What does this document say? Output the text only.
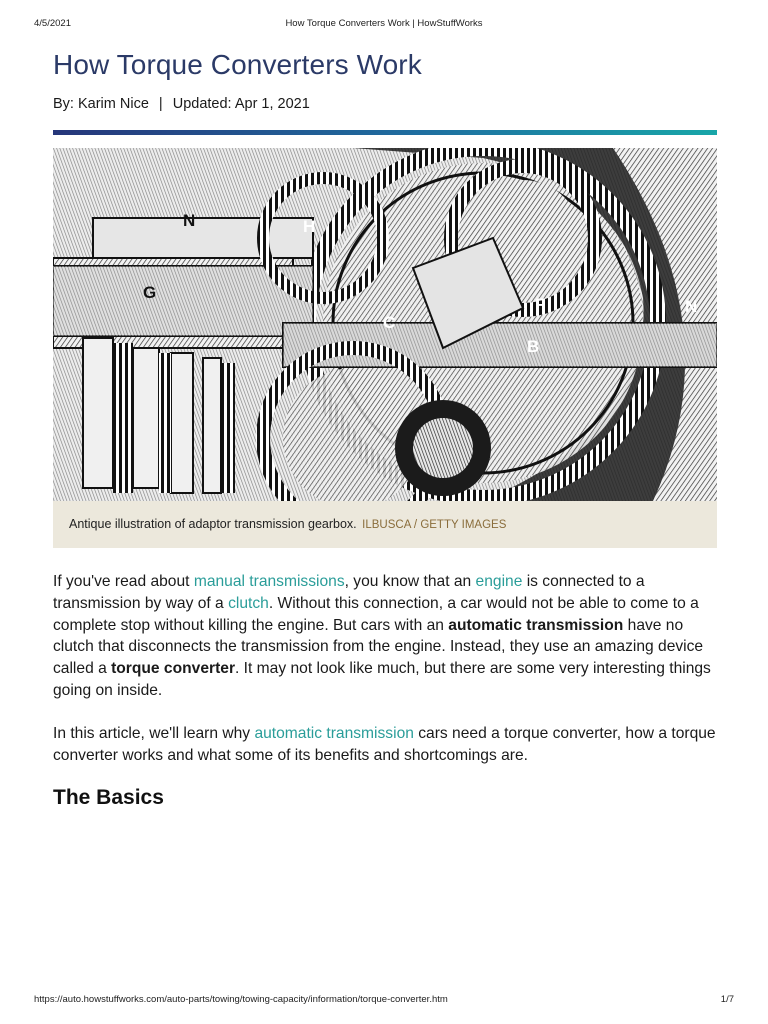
4/5/2021	How Torque Converters Work | HowStuffWorks
How Torque Converters Work
By: Karim Nice | Updated: Apr 1, 2021
N	H
G
C
F
B
N
Antique illustration of adaptor transmission gearbox. ILBUSCA / GETTY IMAGES

If you've read about manual transmissions, you know that an engine is connected to a transmission by way of a clutch. Without this connection, a car would not be able to come to a complete stop without killing the engine. But cars with an automatic transmission have no clutch that disconnects the transmission from the engine. Instead, they use an amazing device called a torque converter. It may not look like much, but there are some very interesting things going on inside.

In this article, we'll learn why automatic transmission cars need a torque converter, how a torque converter works and what some of its benefits and shortcomings are.

The Basics
https://auto.howstuffworks.com/auto-parts/towing/towing-capacity/information/torque-converter.htm	1/7
